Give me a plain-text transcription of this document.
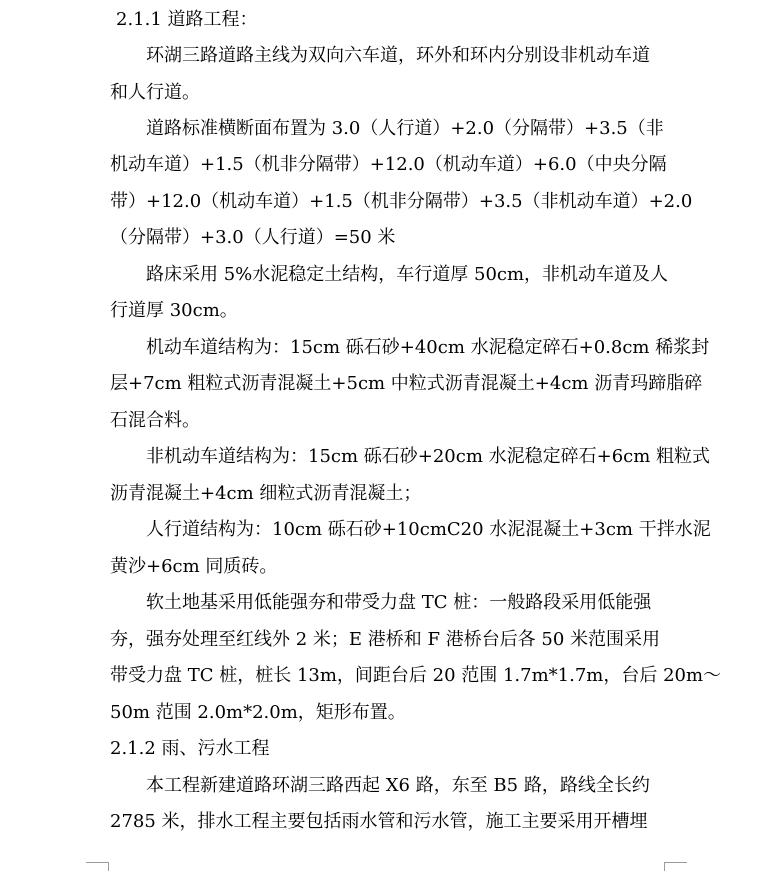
2.1.1 道路工程：
环湖三路道路主线为双向六车道，环外和环内分别设非机动车道
和人行道。
道路标准横断面布置为 3.0（人行道）+2.0（分隔带）+3.5（非
机动车道）+1.5（机非分隔带）+12.0（机动车道）+6.0（中央分隔
带）+12.0（机动车道）+1.5（机非分隔带）+3.5（非机动车道）+2.0
（分隔带）+3.0（人行道）=50 米
路床采用 5%水泥稳定土结构，车行道厚 50cm，非机动车道及人
行道厚 30cm。
机动车道结构为：15cm 砾石砂+40cm 水泥稳定碎石+0.8cm 稀浆封
层+7cm 粗粒式沥青混凝土+5cm 中粒式沥青混凝土+4cm 沥青玛蹄脂碎
石混合料。
非机动车道结构为：15cm 砾石砂+20cm 水泥稳定碎石+6cm 粗粒式
沥青混凝土+4cm 细粒式沥青混凝土；
人行道结构为：10cm 砾石砂+10cmC20 水泥混凝土+3cm 干拌水泥
黄沙+6cm 同质砖。
软土地基采用低能强夯和带受力盘 TC 桩：一般路段采用低能强
夯，强夯处理至红线外 2 米；E 港桥和 F 港桥台后各 50 米范围采用
带受力盘 TC 桩，桩长 13m，间距台后 20 范围 1.7m*1.7m，台后 20m～
50m 范围 2.0m*2.0m，矩形布置。
2.1.2 雨、污水工程
本工程新建道路环湖三路西起 X6 路，东至 B5 路，路线全长约
2785 米，排水工程主要包括雨水管和污水管，施工主要采用开槽埋
